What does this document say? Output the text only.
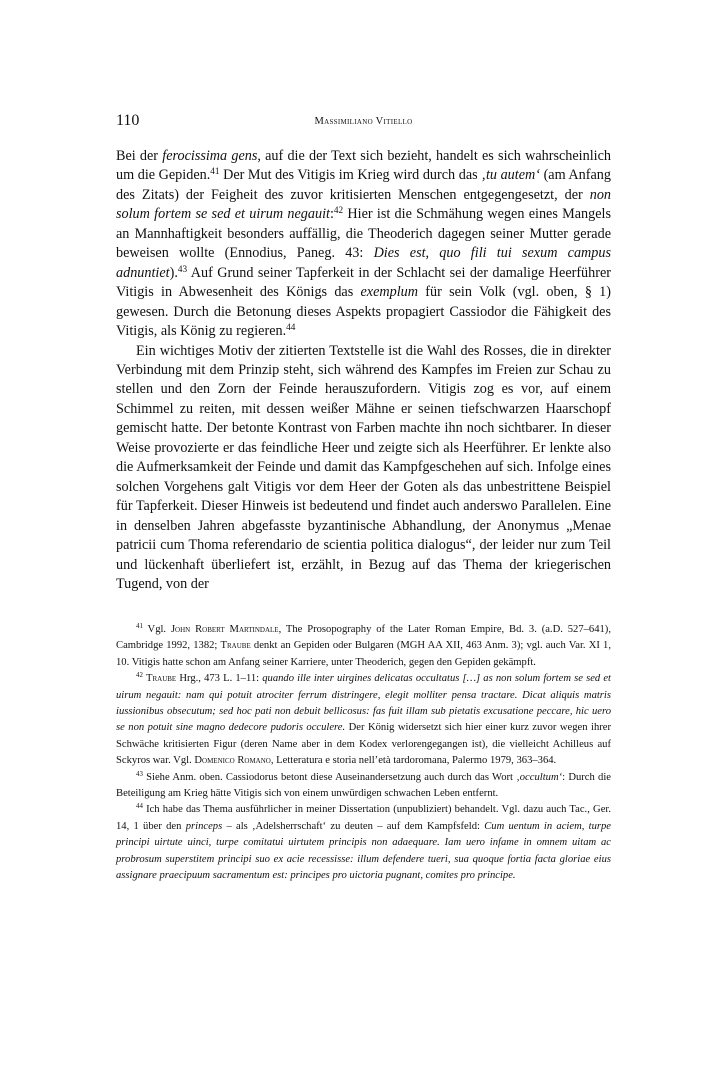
110	Massimiliano Vitiello

Bei der ferocissima gens, auf die der Text sich bezieht, handelt es sich wahrscheinlich um die Gepiden.$^{41}$ Der Mut des Vitigis im Krieg wird durch das ‚tu autem‘ (am Anfang des Zitats) der Feigheit des zuvor kritisierten Menschen entgegengesetzt, der non solum fortem se sed et uirum negauit:$^{42}$ Hier ist die Schmähung wegen eines Mangels an Mannhaftigkeit besonders auffällig, die Theoderich dagegen seiner Mutter gerade beweisen wollte (Ennodius, Paneg. 43: Dies est, quo fili tui sexum campus adnuntiet).$^{43}$ Auf Grund seiner Tapferkeit in der Schlacht sei der damalige Heerführer Vitigis in Abwesenheit des Königs das exemplum für sein Volk (vgl. oben, § 1) gewesen. Durch die Betonung dieses Aspekts propagiert Cassiodor die Fähigkeit des Vitigis, als König zu regieren.$^{44}$

Ein wichtiges Motiv der zitierten Textstelle ist die Wahl des Rosses, die in direkter Verbindung mit dem Prinzip steht, sich während des Kampfes im Freien zur Schau zu stellen und den Zorn der Feinde herauszufordern. Vitigis zog es vor, auf einem Schimmel zu reiten, mit dessen weißer Mähne er seinen tiefschwarzen Haarschopf gemischt hatte. Der betonte Kontrast von Farben machte ihn noch sichtbarer. In dieser Weise provozierte er das feindliche Heer und zeigte sich als Heerführer. Er lenkte also die Aufmerksamkeit der Feinde und damit das Kampfgeschehen auf sich. Infolge eines solchen Vorgehens galt Vitigis vor dem Heer der Goten als das unbestrittene Beispiel für Tapferkeit. Dieser Hinweis ist bedeutend und findet auch anderswo Parallelen. Eine in denselben Jahren abgefasste byzantinische Abhandlung, der Anonymus „Menae patricii cum Thoma referendario de scientia politica dialogus“, der leider nur zum Teil und lückenhaft überliefert ist, erzählt, in Bezug auf das Thema der kriegerischen Tugend, von der

$^{41}$ Vgl. John Robert Martindale, The Prosopography of the Later Roman Empire, Bd. 3. (a.D. 527–641), Cambridge 1992, 1382; Traube denkt an Gepiden oder Bulgaren (MGH AA XII, 463 Anm. 3); vgl. auch Var. XI 1, 10. Vitigis hatte schon am Anfang seiner Karriere, unter Theoderich, gegen den Gepiden gekämpft.

$^{42}$ Traube Hrg., 473 L. 1–11: quando ille inter uirgines delicatas occultatus […] as non solum fortem se sed et uirum negauit: nam qui potuit atrociter ferrum distringere, elegit molliter pensa tractare. Dicat aliquis matris iussionibus obsecutum; sed hoc pati non debuit bellicosus: fas fuit illam sub pietatis excusatione peccare, hic uero se non potuit sine magno dedecore pudoris occulere. Der König widersetzt sich hier einer kurz zuvor wegen ihrer Schwäche kritisierten Figur (deren Name aber in dem Kodex verlorengegangen ist), die vielleicht Achilleus auf Sckyros war. Vgl. Domenico Romano, Letteratura e storia nell’età tardoromana, Palermo 1979, 363–364.

$^{43}$ Siehe Anm. oben. Cassiodorus betont diese Auseinandersetzung auch durch das Wort ‚occultum‘: Durch die Beteiligung am Krieg hätte Vitigis sich von einem unwürdigen schwachen Leben entfernt.

$^{44}$ Ich habe das Thema ausführlicher in meiner Dissertation (unpubliziert) behandelt. Vgl. dazu auch Tac., Ger. 14, 1 über den princeps – als ‚Adelsherrschaft‘ zu deuten – auf dem Kampfsfeld: Cum uentum in aciem, turpe principi uirtute uinci, turpe comitatui uirtutem principis non adaequare. Iam uero infame in omnem uitam ac probrosum superstitem principi suo ex acie recessisse: illum defendere tueri, sua quoque fortia facta gloriae eius assignare praecipuum sacramentum est: principes pro uictoria pugnant, comites pro principe.
